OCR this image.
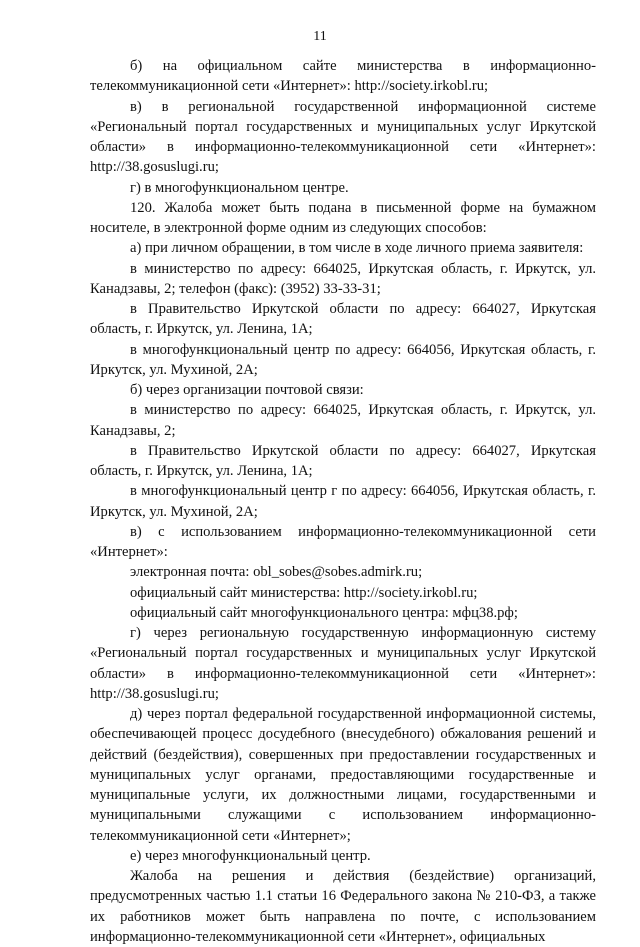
11

б) на официальном сайте министерства в информационно-телекоммуникационной сети «Интернет»: http://society.irkobl.ru;

в) в региональной государственной информационной системе «Региональный портал государственных и муниципальных услуг Иркутской области» в информационно-телекоммуникационной сети «Интернет»: http://38.gosuslugi.ru;

г) в многофункциональном центре.

120. Жалоба может быть подана в письменной форме на бумажном носителе, в электронной форме одним из следующих способов:

а) при личном обращении, в том числе в ходе личного приема заявителя:

в министерство по адресу: 664025, Иркутская область, г. Иркутск, ул. Канадзавы, 2; телефон (факс): (3952) 33-33-31;

в Правительство Иркутской области по адресу: 664027, Иркутская область, г. Иркутск, ул. Ленина, 1А;

в многофункциональный центр по адресу: 664056, Иркутская область, г. Иркутск, ул. Мухиной, 2А;

б) через организации почтовой связи:

в министерство по адресу: 664025, Иркутская область, г. Иркутск, ул. Канадзавы, 2;

в Правительство Иркутской области по адресу: 664027, Иркутская область, г. Иркутск, ул. Ленина, 1А;

в многофункциональный центр г по адресу: 664056, Иркутская область, г. Иркутск, ул. Мухиной, 2А;

в) с использованием информационно-телекоммуникационной сети «Интернет»:

электронная почта: obl_sobes@sobes.admirk.ru;

официальный сайт министерства: http://society.irkobl.ru;

официальный сайт многофункционального центра: мфц38.рф;

г) через региональную государственную информационную систему «Региональный портал государственных и муниципальных услуг Иркутской области» в информационно-телекоммуникационной сети «Интернет»: http://38.gosuslugi.ru;

д) через портал федеральной государственной информационной системы, обеспечивающей процесс досудебного (внесудебного) обжалования решений и действий (бездействия), совершенных при предоставлении государственных и муниципальных услуг органами, предоставляющими государственные и муниципальные услуги, их должностными лицами, государственными и муниципальными служащими с использованием информационно-телекоммуникационной сети «Интернет»;

е) через многофункциональный центр.

Жалоба на решения и действия (бездействие) организаций, предусмотренных частью 1.1 статьи 16 Федерального закона № 210-ФЗ, а также их работников может быть направлена по почте, с использованием информационно-телекоммуникационной сети «Интернет», официальных
